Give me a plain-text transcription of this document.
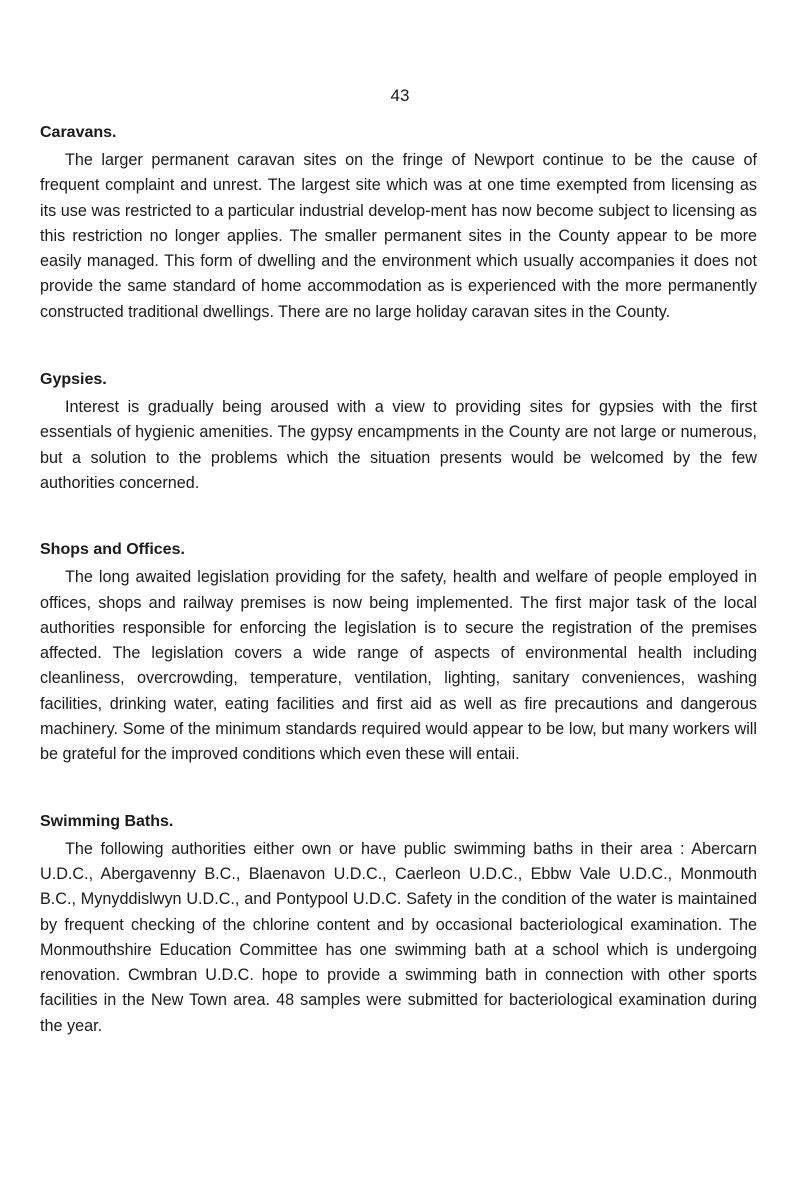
43
Caravans.

The larger permanent caravan sites on the fringe of Newport continue to be the cause of frequent complaint and unrest. The largest site which was at one time exempted from licensing as its use was restricted to a particular industrial develop-ment has now become subject to licensing as this restriction no longer applies. The smaller permanent sites in the County appear to be more easily managed. This form of dwelling and the environment which usually accompanies it does not provide the same standard of home accommodation as is experienced with the more permanently constructed traditional dwellings. There are no large holiday caravan sites in the County.

Gypsies.

Interest is gradually being aroused with a view to providing sites for gypsies with the first essentials of hygienic amenities. The gypsy encampments in the County are not large or numerous, but a solution to the problems which the situation presents would be welcomed by the few authorities concerned.

Shops and Offices.

The long awaited legislation providing for the safety, health and welfare of people employed in offices, shops and railway premises is now being implemented. The first major task of the local authorities responsible for enforcing the legislation is to secure the registration of the premises affected. The legislation covers a wide range of aspects of environmental health including cleanliness, overcrowding, temperature, ventilation, lighting, sanitary conveniences, washing facilities, drinking water, eating facilities and first aid as well as fire precautions and dangerous machinery. Some of the minimum standards required would appear to be low, but many workers will be grateful for the improved conditions which even these will entaii.

Swimming Baths.

The following authorities either own or have public swimming baths in their area : Abercarn U.D.C., Abergavenny B.C., Blaenavon U.D.C., Caerleon U.D.C., Ebbw Vale U.D.C., Monmouth B.C., Mynyddislwyn U.D.C., and Pontypool U.D.C. Safety in the condition of the water is maintained by frequent checking of the chlorine content and by occasional bacteriological examination. The Monmouthshire Education Committee has one swimming bath at a school which is undergoing renovation. Cwmbran U.D.C. hope to provide a swimming bath in connection with other sports facilities in the New Town area. 48 samples were submitted for bacteriological examination during the year.
